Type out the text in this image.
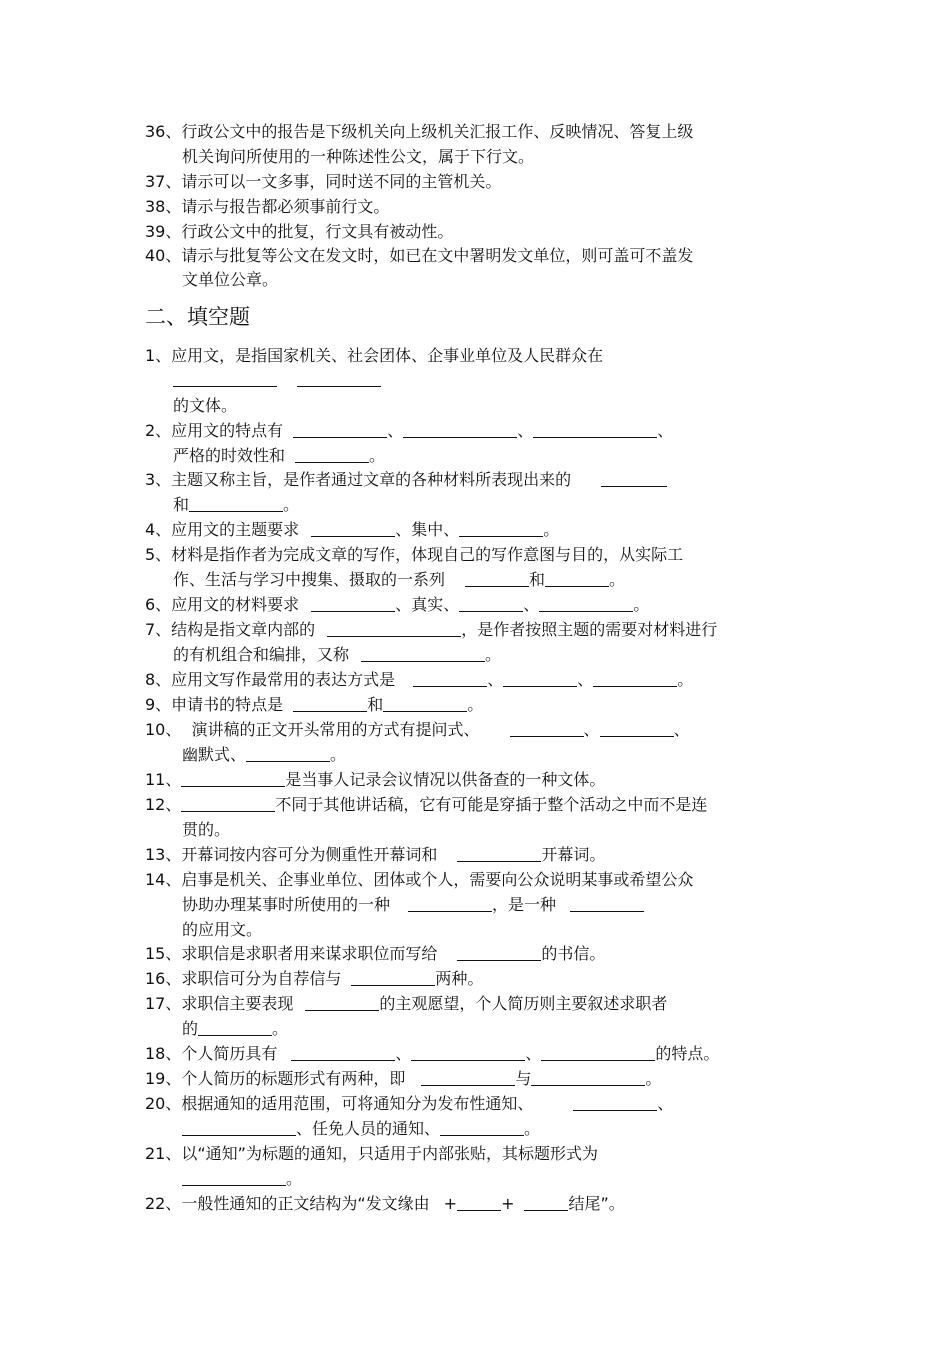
二、填空题
36、行政公文中的报告是下级机关向上级机关汇报工作、反映情况、答复上级
机关询问所使用的一种陈述性公文，属于下行文。
37、请示可以一文多事，同时送不同的主管机关。
38、请示与报告都必须事前行文。
39、行政公文中的批复，行文具有被动性。
40、请示与批复等公文在发文时，如已在文中署明发文单位，则可盖可不盖发
文单位公章。
1、应用文，是指国家机关、社会团体、企事业单位及人民群众在
的文体。
2、应用文的特点有	、	、	、
严格的时效性和	。
3、主题又称主旨，是作者通过文章的各种材料所表现出来的
和	。
4、应用文的主题要求	、集中、	。
5、材料是指作者为完成文章的写作，体现自己的写作意图与目的，从实际工
作、生活与学习中搜集、摄取的一系列	和	。
6、应用文的材料要求	、真实、	、	。
7、结构是指文章内部的	，是作者按照主题的需要对材料进行
的有机组合和编排，又称	。
8、应用文写作最常用的表达方式是	、	、	。
9、申请书的特点是	和	。
10、  演讲稿的正文开头常用的方式有提问式、	、	、
幽默式、	。
11、	是当事人记录会议情况以供备查的一种文体。
12、	不同于其他讲话稿，它有可能是穿插于整个活动之中而不是连
贯的。
13、开幕词按内容可分为侧重性开幕词和	开幕词。
14、启事是机关、企事业单位、团体或个人，需要向公众说明某事或希望公众
协助办理某事时所使用的一种	，是一种
的应用文。
15、求职信是求职者用来谋求职位而写给	的书信。
16、求职信可分为自荐信与	两种。
17、求职信主要表现	的主观愿望，个人简历则主要叙述求职者
的	。
18、个人简历具有	、	、	的特点。
19、个人简历的标题形式有两种，即	与	。
20、根据通知的适用范围，可将通知分为发布性通知、	、
、任免人员的通知、	。
21、以“通知”为标题的通知，只适用于内部张贴，其标题形式为
。
22、一般性通知的正文结构为“发文缘由 +	+	结尾”。
